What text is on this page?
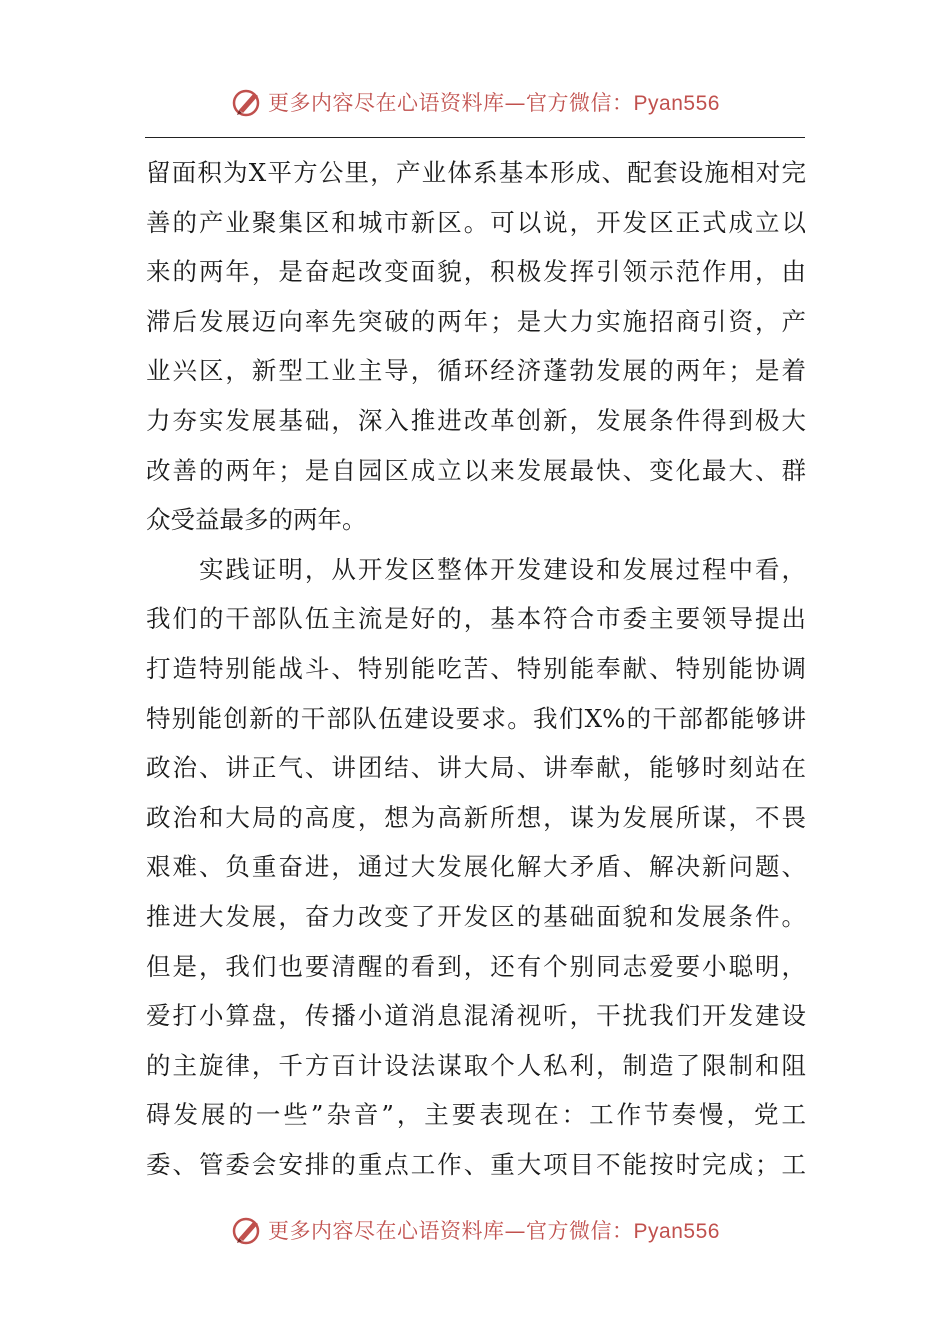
更多内容尽在心语资料库—官方微信：Pyan556
留面积为X平方公里，产业体系基本形成、配套设施相对完
善的产业聚集区和城市新区。可以说，开发区正式成立以
来的两年，是奋起改变面貌，积极发挥引领示范作用，由
滞后发展迈向率先突破的两年；是大力实施招商引资，产
业兴区，新型工业主导，循环经济蓬勃发展的两年；是着
力夯实发展基础，深入推进改革创新，发展条件得到极大
改善的两年；是自园区成立以来发展最快、变化最大、群
众受益最多的两年。
　　实践证明，从开发区整体开发建设和发展过程中看，
我们的干部队伍主流是好的，基本符合市委主要领导提出
打造特别能战斗、特别能吃苦、特别能奉献、特别能协调
特别能创新的干部队伍建设要求。我们X%的干部都能够讲
政治、讲正气、讲团结、讲大局、讲奉献，能够时刻站在
政治和大局的高度，想为高新所想，谋为发展所谋，不畏
艰难、负重奋进，通过大发展化解大矛盾、解决新问题、
推进大发展，奋力改变了开发区的基础面貌和发展条件。
但是，我们也要清醒的看到，还有个别同志爱要小聪明，
爱打小算盘，传播小道消息混淆视听，干扰我们开发建设
的主旋律，千方百计设法谋取个人私利，制造了限制和阻
碍发展的一些”杂音”，主要表现在：工作节奏慢，党工
委、管委会安排的重点工作、重大项目不能按时完成；工
更多内容尽在心语资料库—官方微信：Pyan556
